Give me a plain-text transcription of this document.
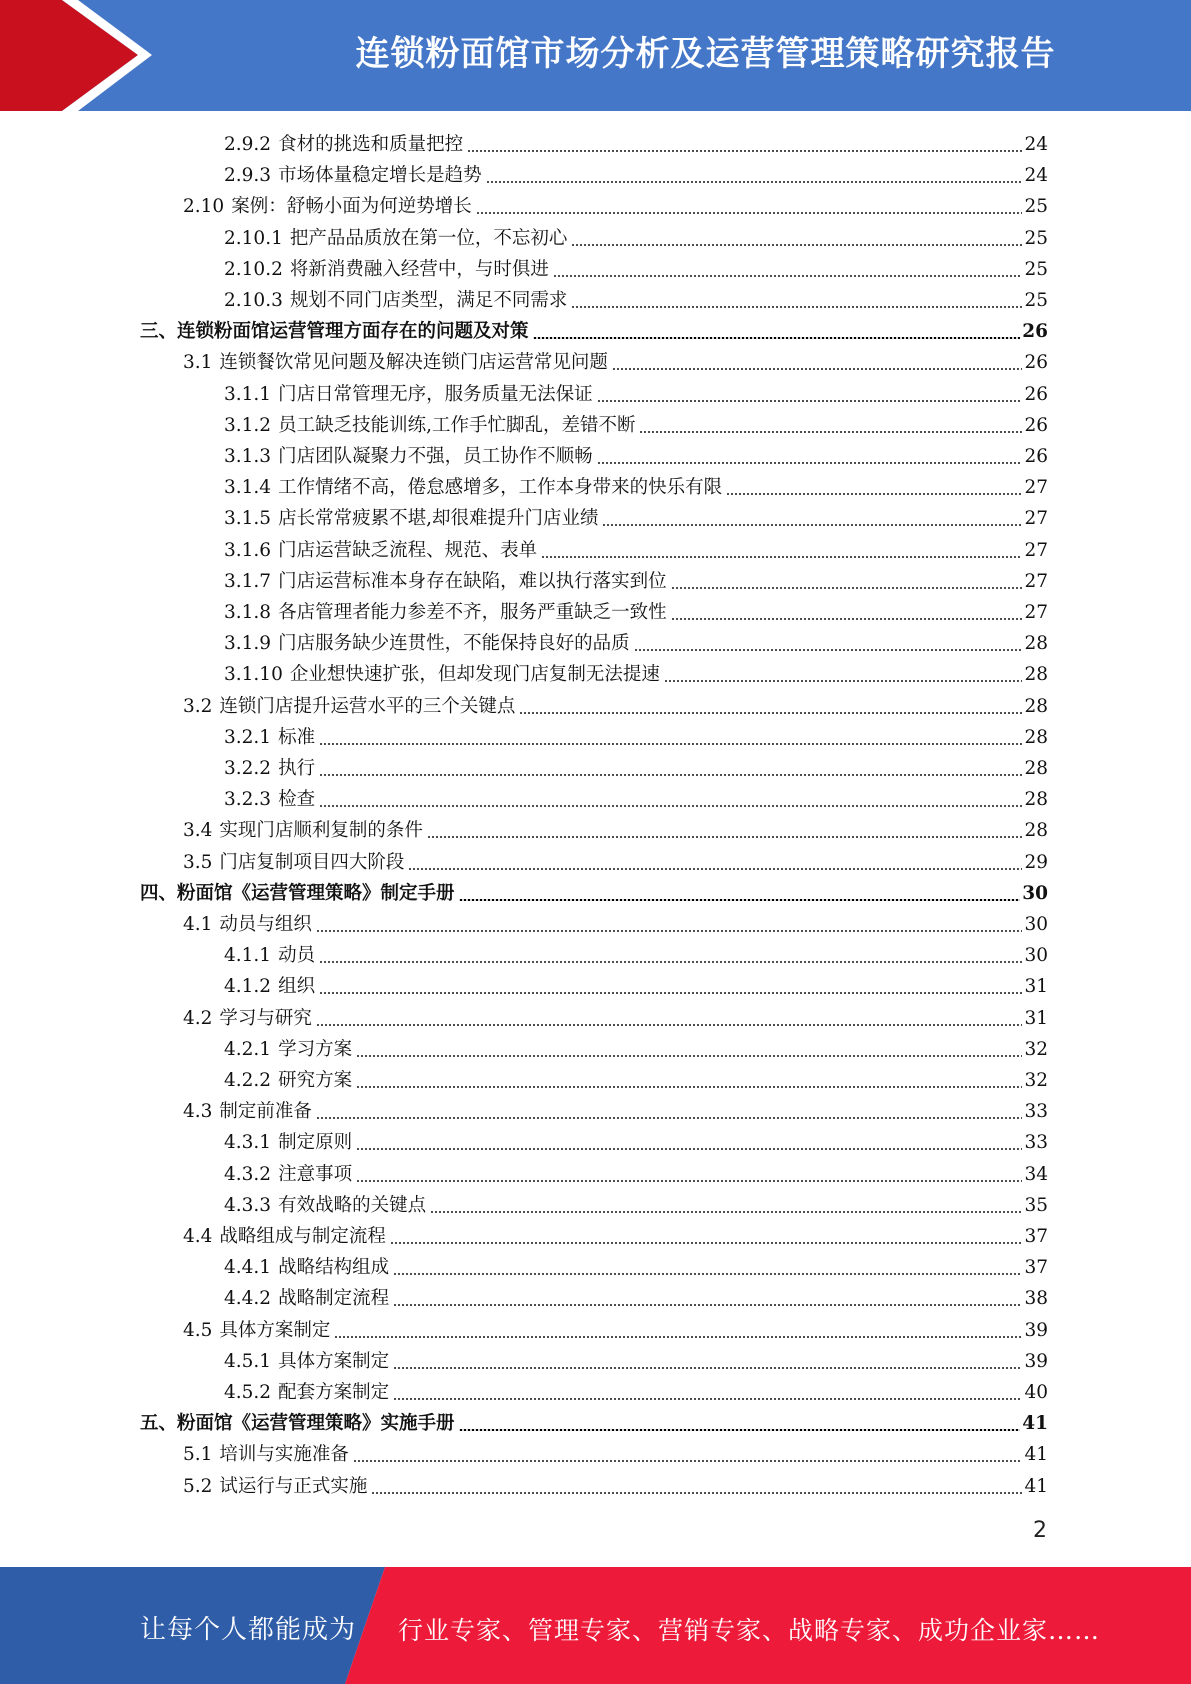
连锁粉面馆市场分析及运营管理策略研究报告
2.9.2 食材的挑选和质量把控	24
2.9.3 市场体量稳定增长是趋势	24
2.10 案例：舒畅小面为何逆势增长	25
2.10.1 把产品品质放在第一位，不忘初心	25
2.10.2 将新消费融入经营中，与时俱进	25
2.10.3 规划不同门店类型，满足不同需求	25
三、 连锁粉面馆运营管理方面存在的问题及对策	26
3.1 连锁餐饮常见问题及解决连锁门店运营常见问题	26
3.1.1 门店日常管理无序，服务质量无法保证	26
3.1.2 员工缺乏技能训练,工作手忙脚乱，差错不断	26
3.1.3 门店团队凝聚力不强，员工协作不顺畅	26
3.1.4 工作情绪不高，倦怠感增多，工作本身带来的快乐有限	27
3.1.5 店长常常疲累不堪,却很难提升门店业绩	27
3.1.6 门店运营缺乏流程、规范、表单	27
3.1.7 门店运营标准本身存在缺陷，难以执行落实到位	27
3.1.8 各店管理者能力参差不齐，服务严重缺乏一致性	27
3.1.9 门店服务缺少连贯性，不能保持良好的品质	28
3.1.10 企业想快速扩张，但却发现门店复制无法提速	28
3.2 连锁门店提升运营水平的三个关键点	28
3.2.1 标准	28
3.2.2 执行	28
3.2.3 检查	28
3.4 实现门店顺利复制的条件	28
3.5 门店复制项目四大阶段	29
四、 粉面馆《运营管理策略》制定手册	30
4.1 动员与组织	30
4.1.1 动员	30
4.1.2 组织	31
4.2 学习与研究	31
4.2.1 学习方案	32
4.2.2 研究方案	32
4.3 制定前准备	33
4.3.1 制定原则	33
4.3.2 注意事项	34
4.3.3 有效战略的关键点	35
4.4 战略组成与制定流程	37
4.4.1 战略结构组成	37
4.4.2 战略制定流程	38
4.5 具体方案制定	39
4.5.1 具体方案制定	39
4.5.2 配套方案制定	40
五、 粉面馆《运营管理策略》实施手册	41
5.1 培训与实施准备	41
5.2 试运行与正式实施	41
2
让每个人都能成为 行业专家、管理专家、营销专家、战略专家、成功企业家……
